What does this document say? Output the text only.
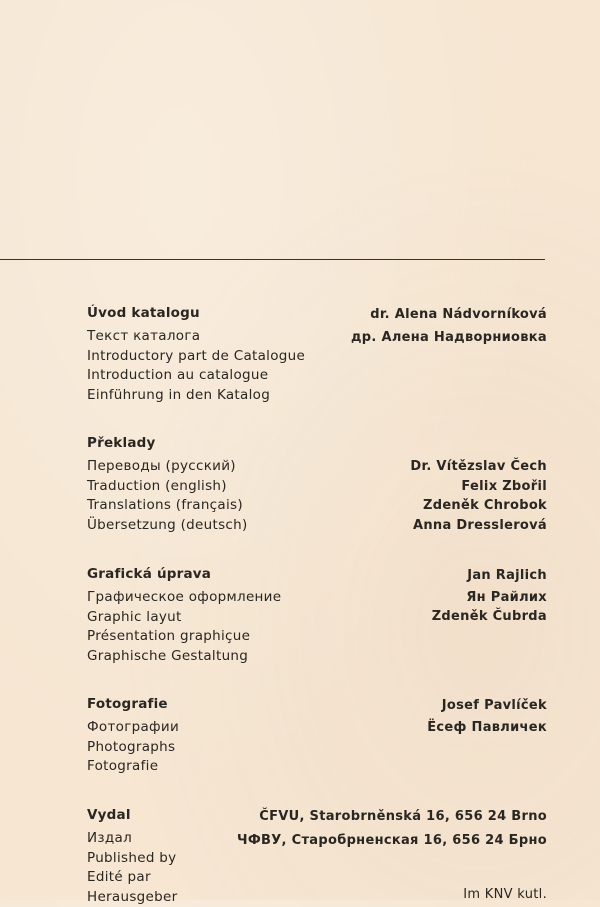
Úvod katalogu
Текст каталога
Introductory part de Catalogue
Introduction au catalogue
Einführung in den Katalog
dr. Alena Nádvorníková
др. Алена Надворниовка
Překlady
Переводы (русский)
Traduction (english)
Translations (français)
Übersetzung (deutsch)
Dr. Vítězslav Čech
Felix Zbořil
Zdeněk Chrobok
Anna Dresslerová
Grafická úprava
Графическое оформление
Graphic layut
Présentation graphiçue
Graphische Gestaltung
Jan Rajlich
Ян Райлих
Zdeněk Čubrda
Fotografie
Фотографии
Photographs
Fotografie
Josef Pavlíček
Ёсеф Павличек
Vydal
Издал
Published by
Edité par
Herausgeber
ČFVU, Starobrněnská 16, 656 24 Brno
ЧФВУ, Старобрненская 16, 656 24 Брно
Im KNV kutl.
